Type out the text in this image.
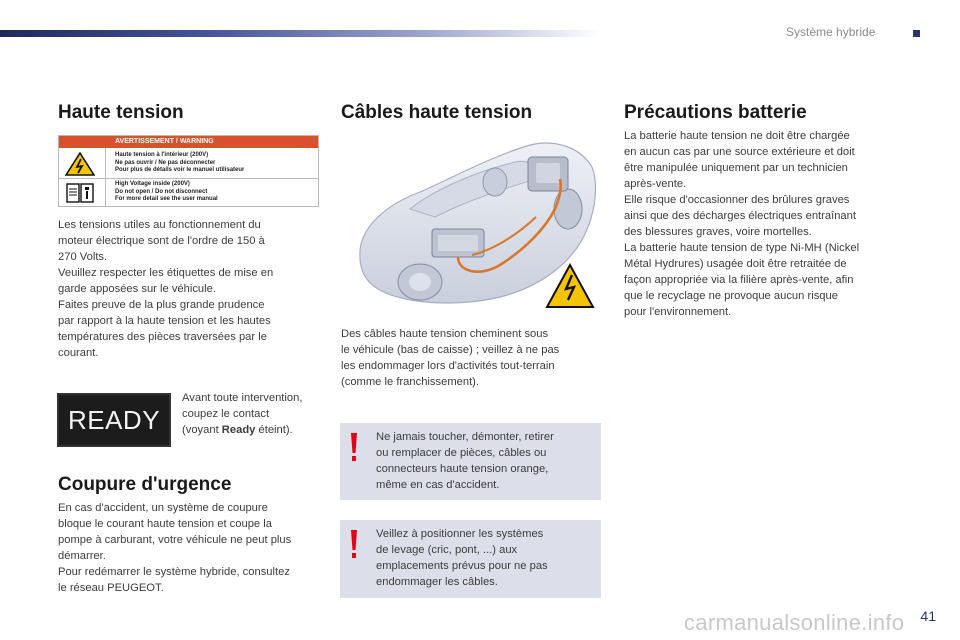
Système hybride
Haute tension
AVERTISSEMENT / WARNING
Haute tension à l'intérieur (200V)
Ne pas ouvrir / Ne pas déconnecter
Pour plus de détails voir le manuel utilisateur
High Voltage inside (200V)
Do not open / Do not disconnect
For more detail see the user manual

Les tensions utiles au fonctionnement du

moteur électrique sont de l'ordre de 150 à

270 Volts.

Veuillez respecter les étiquettes de mise en

garde apposées sur le véhicule.

Faites preuve de la plus grande prudence

par rapport à la haute tension et les hautes

températures des pièces traversées par le

courant.

READY

Avant toute intervention,

coupez le contact

(voyant Ready éteint).

Coupure d'urgence

En cas d'accident, un système de coupure

bloque le courant haute tension et coupe la

pompe à carburant, votre véhicule ne peut plus

démarrer.

Pour redémarrer le système hybride, consultez

le réseau PEUGEOT.

Câbles haute tension

Des câbles haute tension cheminent sous

le véhicule (bas de caisse) ; veillez à ne pas

les endommager lors d'activités tout-terrain

(comme le franchissement).

Ne jamais toucher, démonter, retirer
ou remplacer de pièces, câbles ou
connecteurs haute tension orange,
même en cas d'accident.
Veillez à positionner les systèmes
de levage (cric, pont, ...) aux
emplacements prévus pour ne pas
endommager les câbles.
Précautions batterie

La batterie haute tension ne doit être chargée

en aucun cas par une source extérieure et doit

être manipulée uniquement par un technicien

après-vente.

Elle risque d'occasionner des brûlures graves

ainsi que des décharges électriques entraînant

des blessures graves, voire mortelles.

La batterie haute tension de type Ni-MH (Nickel

Métal Hydrures) usagée doit être retraitée de

façon appropriée via la filière après-vente, afin

que le recyclage ne provoque aucun risque

pour l'environnement.

carmanualsonline.info 41
